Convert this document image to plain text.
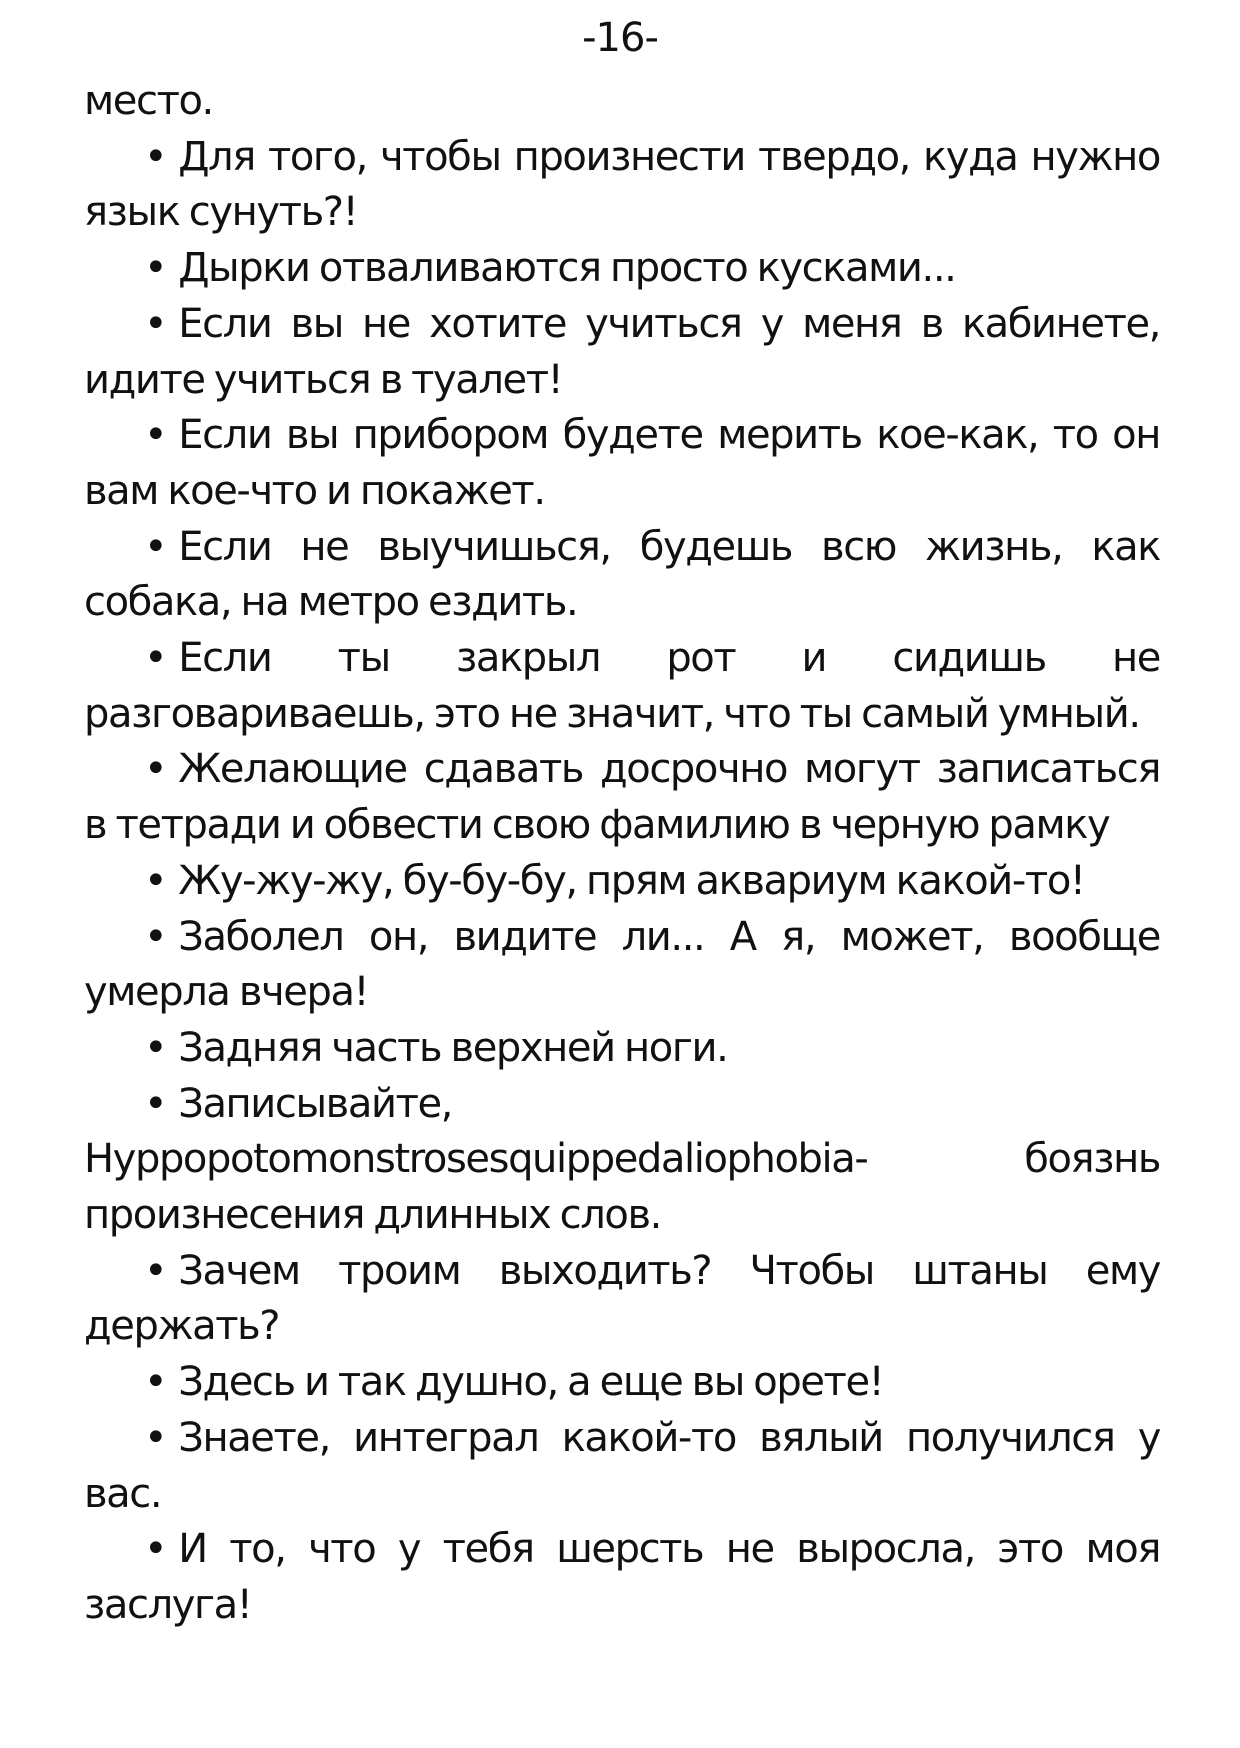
-16-

место.

• Для того, чтобы произнести твердо, куда нужно язык сунуть?!

• Дырки отваливаются просто кусками...

• Если вы не хотите учиться у меня в кабинете, идите учиться в туалет!

• Если вы прибором будете мерить кое-как, то он вам кое-что и покажет.

• Если не выучишься, будешь всю жизнь, как собака, на метро ездить.

• Если ты закрыл рот и сидишь не разговариваешь, это не значит, что ты самый умный.

• Желающие сдавать досрочно могут записаться в тетради и обвести свою фамилию в черную рамку

• Жу-жу-жу, бу-бу-бу, прям аквариум какой-то!

• Заболел он, видите ли... А я, может, вообще умерла вчера!

• Задняя часть верхней ноги.

• Записывайте, Hyppopotomonstrosesquippedaliophobia- боязнь произнесения длинных слов.

• Зачем троим выходить? Чтобы штаны ему держать?

• Здесь и так душно, а еще вы орете!

• Знаете, интеграл какой-то вялый получился у вас.

• И то, что у тебя шерсть не выросла, это моя заслуга!
